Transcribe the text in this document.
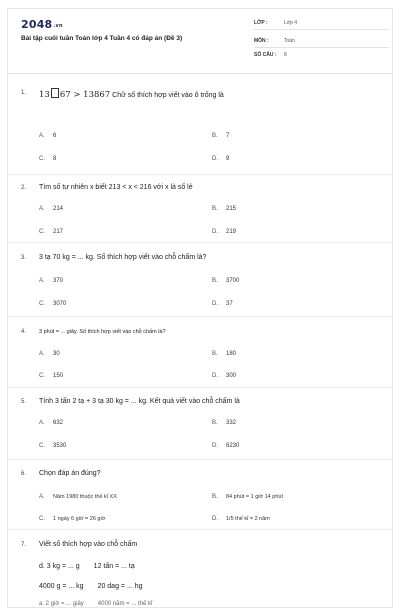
2048.vn
Bài tập cuối tuần Toán lớp 4 Tuần 4 có đáp án (Đề 3)
LỚP :	Lớp 4
MÔN :	Toán
SỐ CÂU : 8
1. 13 67 > 13867 Chữ số thích hợp viết vào ô trống là
A. 6	B. 7
C. 8	D. 9
2. Tìm số tự nhiên x biết 213 < x < 216 với x là số lẻ
A. 214	B. 215
C. 217	D. 219
3. 3 tạ 70 kg = ... kg. Số thích hợp viết vào chỗ chấm là?
A. 370	B. 3700
C. 3070	D. 37
4. 3 phút = ... giây. Số thích hợp viết vào chỗ chấm là?
A. 30	B. 180
C. 150	D. 300
5. Tính 3 tấn 2 tạ + 3 tạ 30 kg = ... kg. Kết quả viết vào chỗ chấm là
A. 632	B. 332
C. 3530	D. 6230
6. Chọn đáp án đúng?
A. Năm 1980 thuộc thế kỉ XX	B. 84 phút = 1 giờ 14 phút
C. 1 ngày 6 giờ = 26 giờ	D. 1/5 thế kỉ = 2 năm
7. Viết số thích hợp vào chỗ chấm
d. 3 kg = ... g 12 tấn = ... tạ
4000 g = ... kg 20 dag = ... hg
a. 2 giờ = ... giây 4000 năm = ... thế kỉ
